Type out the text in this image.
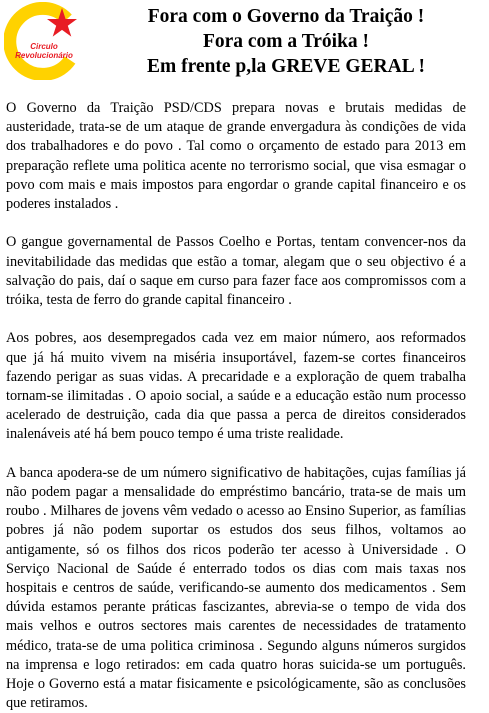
Circulo
Revolucionário
Fora com o Governo da Traição !
Fora com a Tróika !
Em frente p,la GREVE GERAL !

O Governo da Traição PSD/CDS prepara novas e brutais medidas de austeridade, trata-se de um ataque de grande envergadura às condições de vida dos trabalhadores e do povo . Tal como o orçamento de estado para 2013 em preparação reflete uma politica acente no terrorismo social, que visa esmagar o povo com mais e mais impostos para engordar o grande capital financeiro e os poderes instalados .

O gangue governamental de Passos Coelho e Portas, tentam convencer-nos da inevitabilidade das medidas que estão a tomar, alegam que o seu objectivo é a salvação do pais, daí o saque em curso para fazer face aos compromissos com a tróika, testa de ferro do grande capital financeiro .

Aos pobres, aos desempregados cada vez em maior número, aos reformados que já há muito vivem na miséria insuportável, fazem-se cortes financeiros fazendo perigar as suas vidas. A precaridade e a exploração de quem trabalha tornam-se ilimitadas . O apoio social, a saúde e a educação estão num processo acelerado de destruição, cada dia que passa a perca de direitos considerados inalenáveis até há bem pouco tempo é uma triste realidade.

A banca apodera-se de um número significativo de habitações, cujas famílias já não podem pagar a mensalidade do empréstimo bancário, trata-se de mais um roubo . Milhares de jovens vêm vedado o acesso ao Ensino Superior, as famílias pobres já não podem suportar os estudos dos seus filhos, voltamos ao antigamente, só os filhos dos ricos poderão ter acesso à Universidade . O Serviço Nacional de Saúde é enterrado todos os dias com mais taxas nos hospitais e centros de saúde, verificando-se aumento dos medicamentos . Sem dúvida estamos perante práticas fascizantes, abrevia-se o tempo de vida dos mais velhos e outros sectores mais carentes de necessidades de tratamento médico, trata-se de uma politica criminosa . Segundo alguns números surgidos na imprensa e logo retirados: em cada quatro horas suicida-se um português. Hoje o Governo está a matar fisicamente e psicológicamente, são as conclusões que retiramos.
